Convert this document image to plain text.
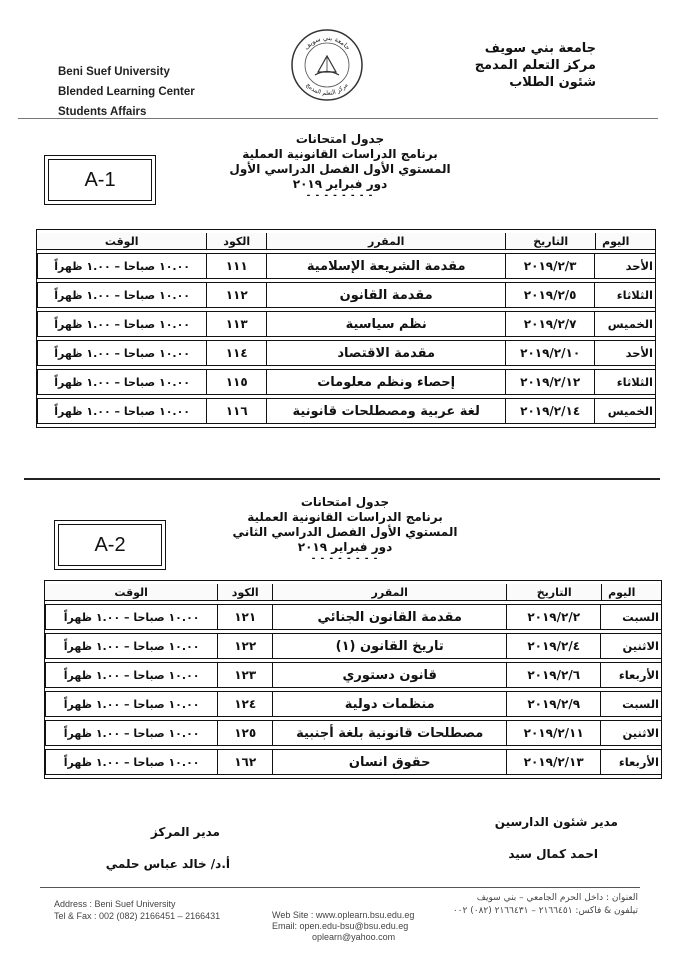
Beni Suef University
Blended Learning Center
Students Affairs
جامعة بني سويف
مركز التعلم المدمج
جامعة بني سويف
مركز التعلم المدمج
شئون الطلاب
A-1
جدول امتحانات
برنامج الدراسات القانونية العملية
المستوي الأول الفصل الدراسي الأول
دور فبراير ٢٠١٩
- - - - - - - -
اليوم	التاريخ	المقرر	الكود	الوقت
الأحد	٢٠١٩/٢/٣	مقدمة الشريعة الإسلامية	١١١	١٠.٠٠ صباحا – ١.٠٠ ظهراً
الثلاثاء	٢٠١٩/٢/٥	مقدمة القانون	١١٢	١٠.٠٠ صباحا – ١.٠٠ ظهراً
الخميس	٢٠١٩/٢/٧	نظم سياسية	١١٣	١٠.٠٠ صباحا – ١.٠٠ ظهراً
الأحد	٢٠١٩/٢/١٠	مقدمة الاقتصاد	١١٤	١٠.٠٠ صباحا – ١.٠٠ ظهراً
الثلاثاء	٢٠١٩/٢/١٢	إحصاء ونظم معلومات	١١٥	١٠.٠٠ صباحا – ١.٠٠ ظهراً
الخميس	٢٠١٩/٢/١٤	لغة عربية ومصطلحات قانونية	١١٦	١٠.٠٠ صباحا – ١.٠٠ ظهراً
A-2
جدول امتحانات
برنامج الدراسات القانونية العملية
المستوي الأول الفصل الدراسي الثاني
دور فبراير ٢٠١٩
- - - - - - - -
اليوم	التاريخ	المقرر	الكود	الوقت
السبت	٢٠١٩/٢/٢	مقدمة القانون الجنائي	١٢١	١٠.٠٠ صباحا – ١.٠٠ ظهراً
الاثنين	٢٠١٩/٢/٤	تاريخ القانون (١)	١٢٢	١٠.٠٠ صباحا – ١.٠٠ ظهراً
الأربعاء	٢٠١٩/٢/٦	قانون دستوري	١٢٣	١٠.٠٠ صباحا – ١.٠٠ ظهراً
السبت	٢٠١٩/٢/٩	منظمات دولية	١٢٤	١٠.٠٠ صباحا – ١.٠٠ ظهراً
الاثنين	٢٠١٩/٢/١١	مصطلحات قانونية بلغة أجنبية	١٢٥	١٠.٠٠ صباحا – ١.٠٠ ظهراً
الأربعاء	٢٠١٩/٢/١٣	حقوق انسان	١٦٢	١٠.٠٠ صباحا – ١.٠٠ ظهراً
مدير شئون الدارسين
احمد كمال سيد
مدير المركز
أ.د/ خالد عباس حلمي
Address : Beni Suef University
Tel & Fax : 002 (082) 2166451 – 2166431	Web Site : www.oplearn.bsu.edu.eg
Email: open.edu-bsu@bsu.edu.eg
oplearn@yahoo.com
العنوان : داخل الحرم الجامعي – بني سويف
تيلفون & فاكس: ٢١٦٦٤٥١ – ٢١٦٦٤٣١ (٠٨٢) ٠٠٢
